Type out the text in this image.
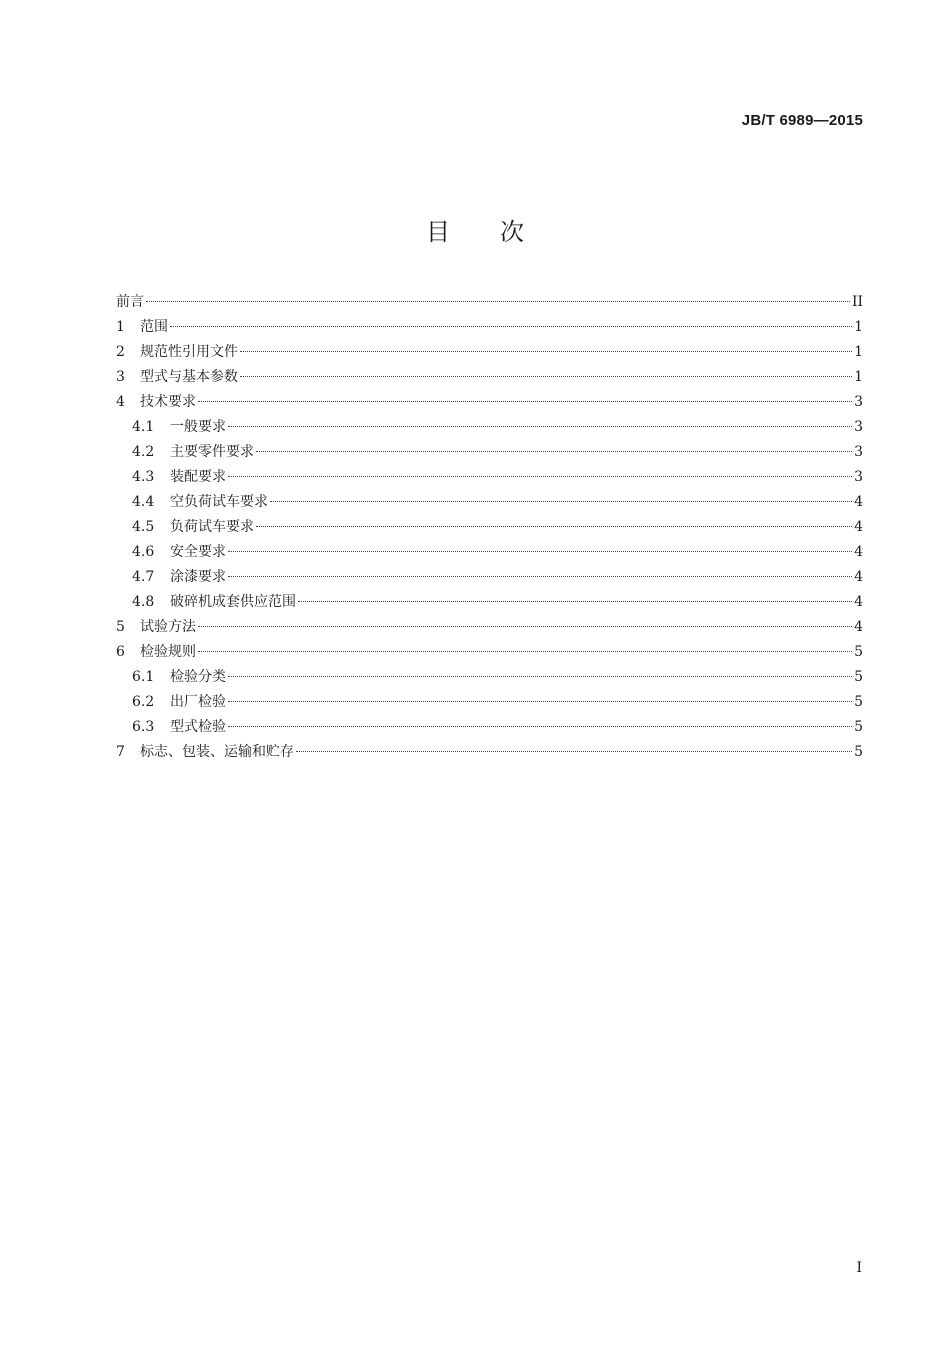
JB/T 6989—2015
目次
前言	II
1	范围	1
2	规范性引用文件	1
3	型式与基本参数	1
4	技术要求	3
4.1	一般要求	3
4.2	主要零件要求	3
4.3	装配要求	3
4.4	空负荷试车要求	4
4.5	负荷试车要求	4
4.6	安全要求	4
4.7	涂漆要求	4
4.8	破碎机成套供应范围	4
5	试验方法	4
6	检验规则	5
6.1	检验分类	5
6.2	出厂检验	5
6.3	型式检验	5
7	标志、包装、运输和贮存	5
I
